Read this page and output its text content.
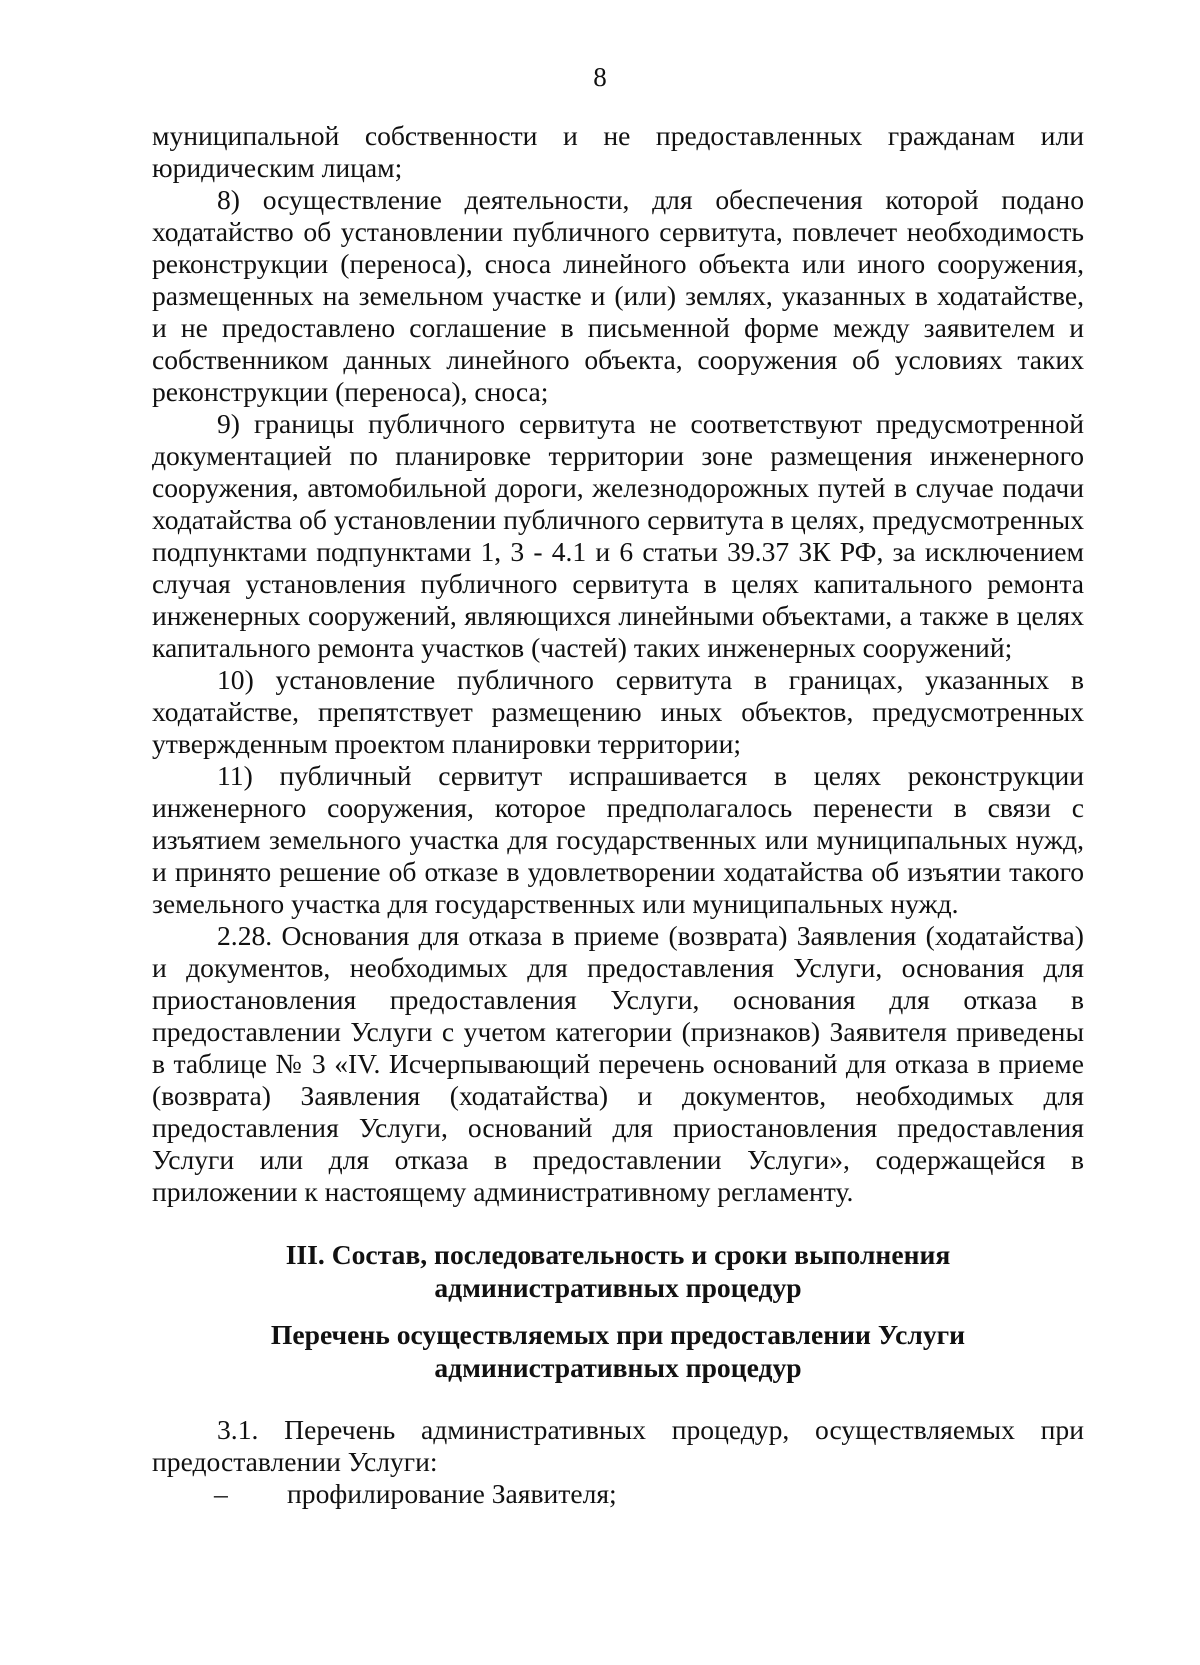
8

муниципальной собственности и не предоставленных гражданам или юридическим лицам;

8) осуществление деятельности, для обеспечения которой подано ходатайство об установлении публичного сервитута, повлечет необходимость реконструкции (переноса), сноса линейного объекта или иного сооружения, размещенных на земельном участке и (или) землях, указанных в ходатайстве, и не предоставлено соглашение в письменной форме между заявителем и собственником данных линейного объекта, сооружения об условиях таких реконструкции (переноса), сноса;

9) границы публичного сервитута не соответствуют предусмотренной документацией по планировке территории зоне размещения инженерного сооружения, автомобильной дороги, железнодорожных путей в случае подачи ходатайства об установлении публичного сервитута в целях, предусмотренных подпунктами подпунктами 1, 3 - 4.1 и 6 статьи 39.37 ЗК РФ, за исключением случая установления публичного сервитута в целях капитального ремонта инженерных сооружений, являющихся линейными объектами, а также в целях капитального ремонта участков (частей) таких инженерных сооружений;

10) установление публичного сервитута в границах, указанных в ходатайстве, препятствует размещению иных объектов, предусмотренных утвержденным проектом планировки территории;

11) публичный сервитут испрашивается в целях реконструкции инженерного сооружения, которое предполагалось перенести в связи с изъятием земельного участка для государственных или муниципальных нужд, и принято решение об отказе в удовлетворении ходатайства об изъятии такого земельного участка для государственных или муниципальных нужд.

2.28. Основания для отказа в приеме (возврата) Заявления (ходатайства) и документов, необходимых для предоставления Услуги, основания для приостановления предоставления Услуги, основания для отказа в предоставлении Услуги с учетом категории (признаков) Заявителя приведены в таблице № 3 «IV. Исчерпывающий перечень оснований для отказа в приеме (возврата) Заявления (ходатайства) и документов, необходимых для предоставления Услуги, оснований для приостановления предоставления Услуги или для отказа в предоставлении Услуги», содержащейся в приложении к настоящему административному регламенту.

III. Состав, последовательность и сроки выполнения
административных процедур
Перечень осуществляемых при предоставлении Услуги
административных процедур

3.1. Перечень административных процедур, осуществляемых при предоставлении Услуги:

–	профилирование Заявителя;
